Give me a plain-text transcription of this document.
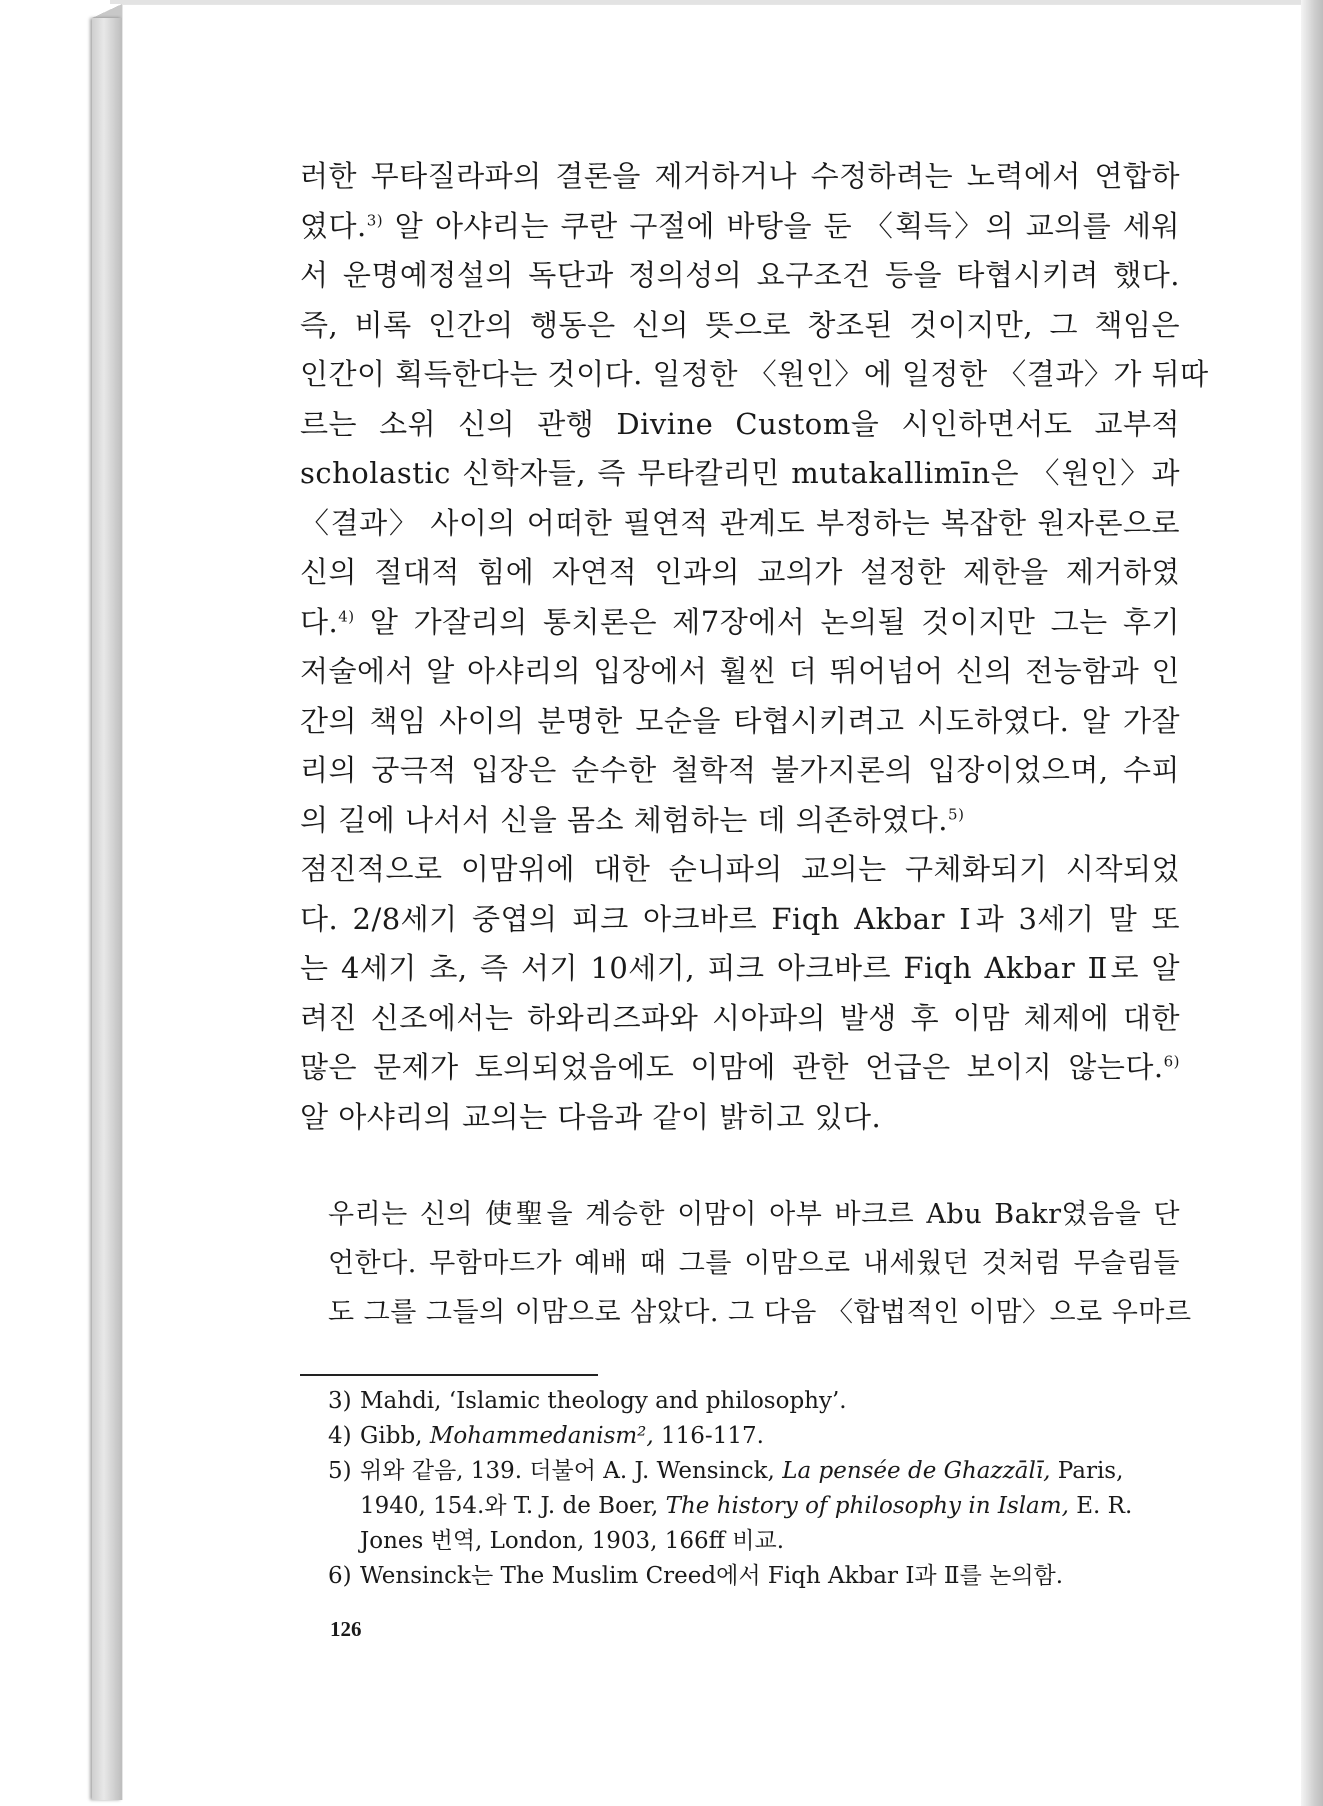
러한 무타질라파의 결론을 제거하거나 수정하려는 노력에서 연합하
였다.$^{3)}$ 알 아샤리는 쿠란 구절에 바탕을 둔 〈획득〉의 교의를 세워
서 운명예정설의 독단과 정의성의 요구조건 등을 타협시키려 했다.
즉, 비록 인간의 행동은 신의 뜻으로 창조된 것이지만, 그 책임은
인간이 획득한다는 것이다. 일정한 〈원인〉에 일정한 〈결과〉가 뒤따
르는 소위 신의 관행 Divine Custom을 시인하면서도 교부적
scholastic 신학자들, 즉 무타칼리민 mutakallimīn은 〈원인〉과
〈결과〉 사이의 어떠한 필연적 관계도 부정하는 복잡한 원자론으로
신의 절대적 힘에 자연적 인과의 교의가 설정한 제한을 제거하였
다.$^{4)}$ 알 가잘리의 통치론은 제7장에서 논의될 것이지만 그는 후기
저술에서 알 아샤리의 입장에서 훨씬 더 뛰어넘어 신의 전능함과 인
간의 책임 사이의 분명한 모순을 타협시키려고 시도하였다. 알 가잘
리의 궁극적 입장은 순수한 철학적 불가지론의 입장이었으며, 수피
의 길에 나서서 신을 몸소 체험하는 데 의존하였다.$^{5)}$
점진적으로 이맘위에 대한 순니파의 교의는 구체화되기 시작되었
다. 2/8세기 중엽의 피크 아크바르 Fiqh Akbar Ⅰ과 3세기 말 또
는 4세기 초, 즉 서기 10세기, 피크 아크바르 Fiqh Akbar Ⅱ로 알
려진 신조에서는 하와리즈파와 시아파의 발생 후 이맘 체제에 대한
많은 문제가 토의되었음에도 이맘에 관한 언급은 보이지 않는다.$^{6)}$
알 아샤리의 교의는 다음과 같이 밝히고 있다.
우리는 신의 使聖을 계승한 이맘이 아부 바크르 Abu Bakr였음을 단
언한다. 무함마드가 예배 때 그를 이맘으로 내세웠던 것처럼 무슬림들
도 그를 그들의 이맘으로 삼았다. 그 다음 〈합법적인 이맘〉으로 우마르
3) Mahdi, ‘Islamic theology and philosophy’.
4) Gibb, Mohammedanism², 116-117.
5) 위와 같음, 139. 더불어 A. J. Wensinck, La pensée de Ghazzālī, Paris,
1940, 154.와 T. J. de Boer, The history of philosophy in Islam, E. R.
Jones 번역, London, 1903, 166ff 비교.
6) Wensinck는 The Muslim Creed에서 Fiqh Akbar Ⅰ과 Ⅱ를 논의함.
126
